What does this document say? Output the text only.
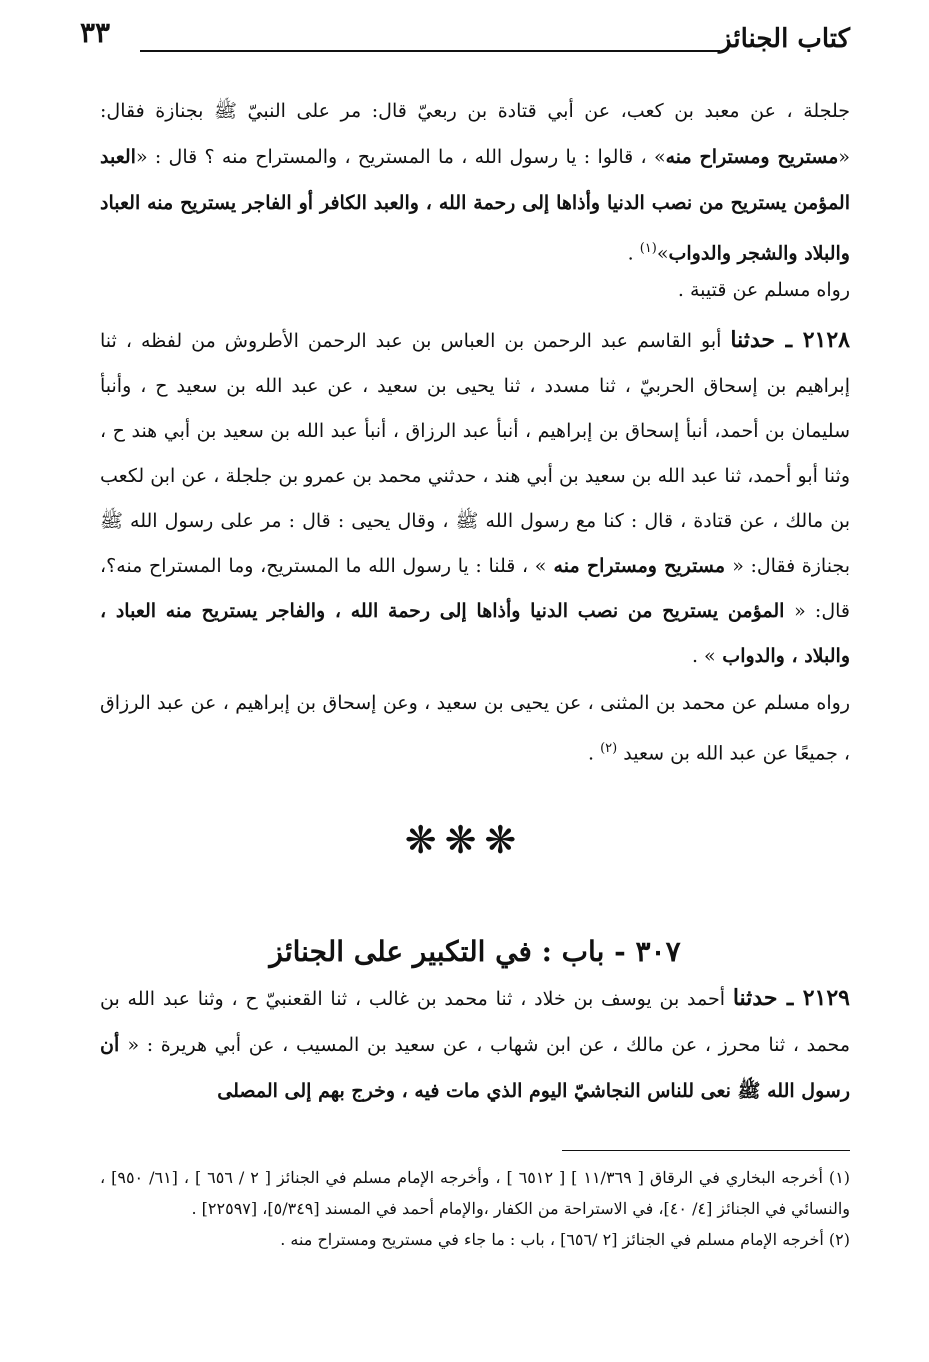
كتاب الجنائز
٣٣
جلجلة ، عن معبد بن كعب، عن أبي قتادة بن ربعيّ قال: مر على النبيّ ﷺ بجنازة فقال: «مستريح ومستراح منه» ، قالوا : يا رسول الله ، ما المستريح ، والمستراح منه ؟ قال : «العبد المؤمن يستريح من نصب الدنيا وأذاها إلى رحمة الله ، والعبد الكافر أو الفاجر يستريح منه العباد والبلاد والشجر والدواب»$^{(١)}$ .
رواه مسلم عن قتيبة .
٢١٢٨ ـ حدثنا أبو القاسم عبد الرحمن بن العباس بن عبد الرحمن الأطروش من لفظه ، ثنا إبراهيم بن إسحاق الحربيّ ، ثنا مسدد ، ثنا يحيى بن سعيد ، عن عبد الله بن سعيد ح ، وأنبأ سليمان بن أحمد، أنبأ إسحاق بن إبراهيم ، أنبأ عبد الرزاق ، أنبأ عبد الله بن سعيد بن أبي هند ح ، وثنا أبو أحمد، ثنا عبد الله بن سعيد بن أبي هند ، حدثني محمد بن عمرو بن جلجلة ، عن ابن لكعب بن مالك ، عن قتادة ، قال : كنا مع رسول الله ﷺ ، وقال يحيى : قال : مر على رسول الله ﷺ بجنازة فقال: « مستريح ومستراح منه » ، قلنا : يا رسول الله ما المستريح، وما المستراح منه؟، قال: « المؤمن يستريح من نصب الدنيا وأذاها إلى رحمة الله ، والفاجر يستريح منه العباد ، والبلاد ، والدواب » .
رواه مسلم عن محمد بن المثنى ، عن يحيى بن سعيد ، وعن إسحاق بن إبراهيم ، عن عبد الرزاق ، جميعًا عن عبد الله بن سعيد $^{(٢)}$ .
❋❋❋
٣٠٧ - باب : في التكبير على الجنائز
٢١٢٩ ـ حدثنا أحمد بن يوسف بن خلاد ، ثنا محمد بن غالب ، ثنا القعنبيّ ح ، وثنا عبد الله بن محمد ، ثنا محرز ، عن مالك ، عن ابن شهاب ، عن سعيد بن المسيب ، عن أبي هريرة : « أن رسول الله ﷺ نعى للناس النجاشيّ اليوم الذي مات فيه ، وخرج بهم إلى المصلى

(١) أخرجه البخاري في الرقاق [ ١١/٣٦٩ ] [ ٦٥١٢ ] ، وأخرجه الإمام مسلم في الجنائز [ ٢ / ٦٥٦ ] ، [٦١/ ٩٥٠] ، والنسائي في الجنائز [٤/ ٤٠]، في الاستراحة من الكفار ،والإمام أحمد في المسند [٥/٣٤٩]، [٢٢٥٩٧] .

(٢) أخرجه الإمام مسلم في الجنائز [٢ /٦٥٦] ، باب : ما جاء في مستريح ومستراح منه .
